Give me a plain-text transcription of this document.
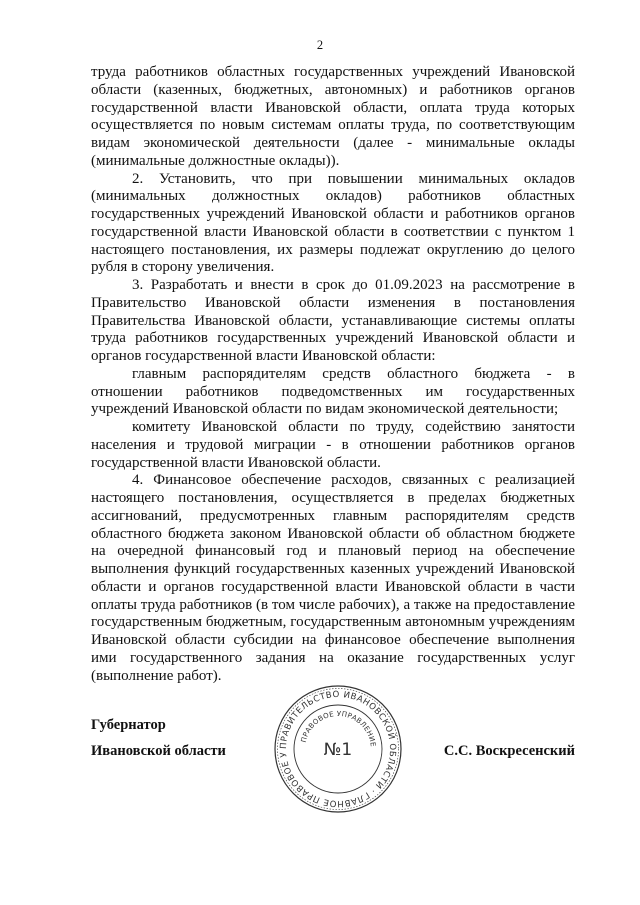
2

труда работников областных государственных учреждений Ивановской области (казенных, бюджетных, автономных) и работников органов государственной власти Ивановской области, оплата труда которых осуществляется по новым системам оплаты труда, по соответствующим видам экономической деятельности (далее - минимальные оклады (минимальные должностные оклады)).

2. Установить, что при повышении минимальных окладов (минимальных должностных окладов) работников областных государственных учреждений Ивановской области и работников органов государственной власти Ивановской области в соответствии с пунктом 1 настоящего постановления, их размеры подлежат округлению до целого рубля в сторону увеличения.

3. Разработать и внести в срок до 01.09.2023 на рассмотрение в Правительство Ивановской области изменения в постановления Правительства Ивановской области, устанавливающие системы оплаты труда работников государственных учреждений Ивановской области и органов государственной власти Ивановской области:

главным распорядителям средств областного бюджета - в отношении работников подведомственных им государственных учреждений Ивановской области по видам экономической деятельности;

комитету Ивановской области по труду, содействию занятости населения и трудовой миграции - в отношении работников органов государственной власти Ивановской области.

4. Финансовое обеспечение расходов, связанных с реализацией настоящего постановления, осуществляется в пределах бюджетных ассигнований, предусмотренных главным распорядителям средств областного бюджета законом Ивановской области об областном бюджете на очередной финансовый год и плановый период на обеспечение выполнения функций государственных казенных учреждений Ивановской области и органов государственной власти Ивановской области в части оплаты труда работников (в том числе рабочих), а также на предоставление государственным бюджетным, государственным автономным учреждениям Ивановской области субсидии на финансовое обеспечение выполнения ими государственного задания на оказание государственных услуг (выполнение работ).

Губернатор
Ивановской области	С.С. Воскресенский
ПРАВИТЕЛЬСТВО ИВАНОВСКОЙ ОБЛАСТИ · ГЛАВНОЕ ПРАВОВОЕ У
ПРАВОВОЕ УПРАВЛЕНИЕ
№1
